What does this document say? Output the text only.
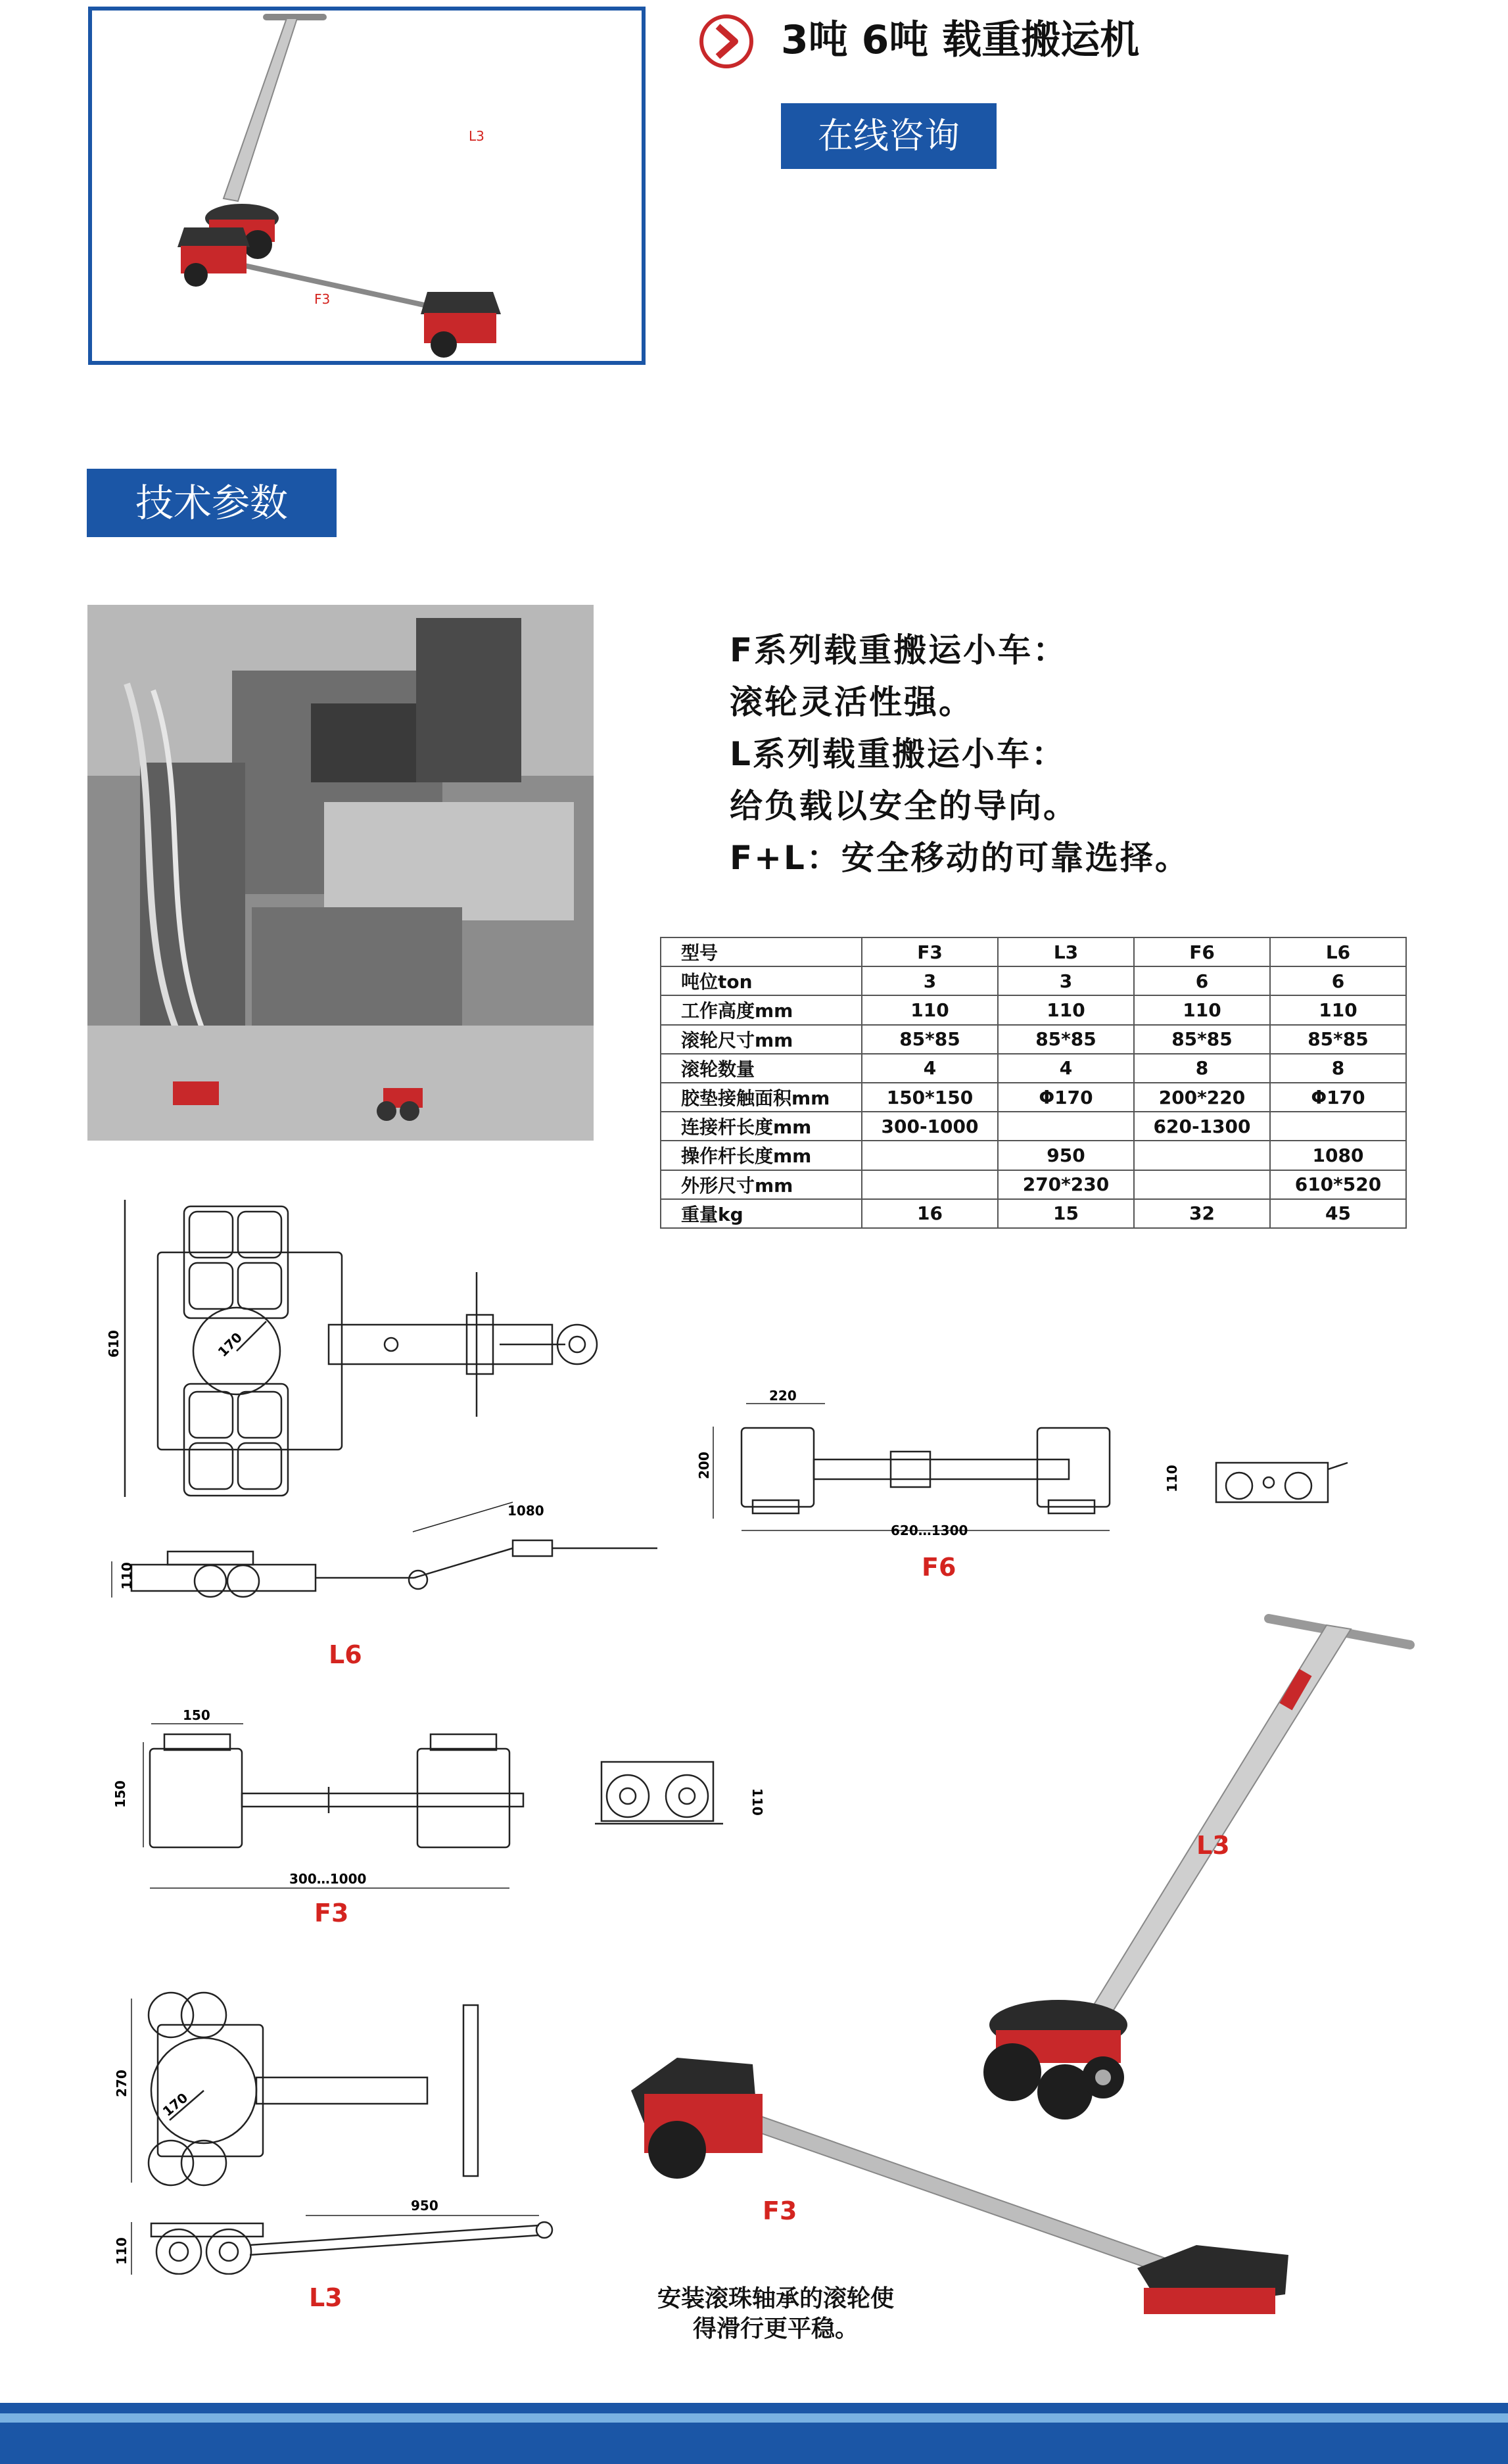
L3
F3
3吨 6吨 载重搬运机
在线咨询
技术参数
F系列载重搬运小车：
滚轮灵活性强。
L系列载重搬运小车：
给负载以安全的导向。
F+L：安全移动的可靠选择。
型号	F3	L3	F6	L6
吨位ton	3	3	6	6
工作高度mm	110	110	110	110
滚轮尺寸mm	85*85	85*85	85*85	85*85
滚轮数量	4	4	8	8
胶垫接触面积mm	150*150	Φ170	200*220	Φ170
连接杆长度mm	300-1000		620-1300	
操作杆长度mm		950		1080
外形尺寸mm		270*230		610*520
重量kg	16	15	32	45
610	170
1080
110
L6
220
200
620…1300
110
F6
150
150
300…1000
110
F3
270
170
950
110
L3
L3
F3
安装滚珠轴承的滚轮使
得滑行更平稳。
